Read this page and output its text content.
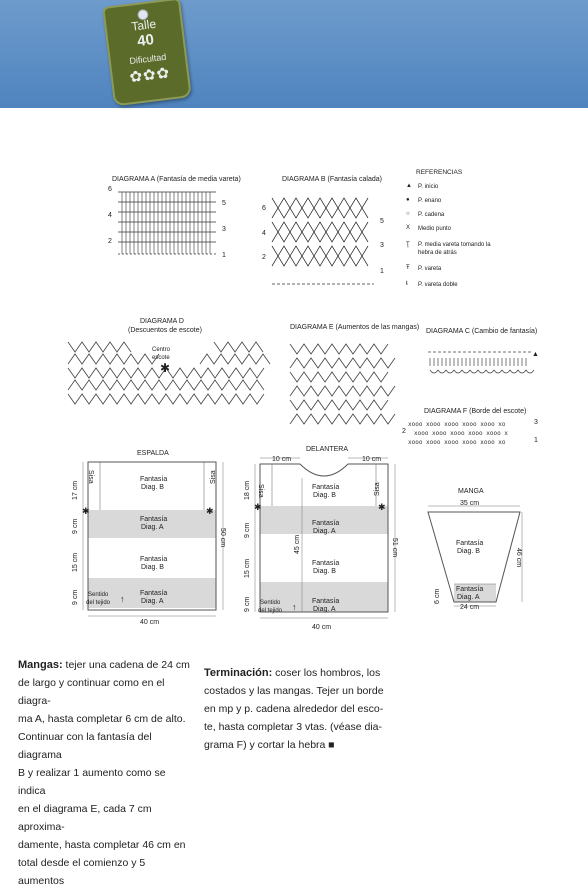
Talle
40
Dificultad
✿✿✿
DIAGRAMA A (Fantasía de media vareta)
6
4
2
5
3
1
DIAGRAMA B (Fantasía calada)
6
4
2
5
3
1
REFERENCIAS
▲ P. inicio
● P. enano
○ P. cadena
X Medio punto
Ţ P. media vareta tomando la hebra de atrás
Ŧ P. vareta
ŧ P. vareta doble
DIAGRAMA D
(Descuentos de escote)
✱
Centro
escote
DIAGRAMA E (Aumentos de las mangas)
DIAGRAMA C (Cambio de fantasía)
▲
DIAGRAMA F (Borde del escote)
xooo xooo xooo xooo xooo xo
xooo xooo xooo xooo xooo x
xooo xooo xooo xooo xooo xo
3
2
1
ESPALDA
✱	✱
Sisa	Sisa
Fantasía
Diag. B
Fantasía
Diag. A
Fantasía
Diag. B
Fantasía
Diag. A
Sentido
del tejido ↑
17 cm
9 cm
15 cm
9 cm
50 cm
40 cm
DELANTERA
✱	✱
10 cm	10 cm
Sisa	Sisa
Fantasía
Diag. B
Fantasía
Diag. A
Fantasía
Diag. B
Fantasía
Diag. A
Sentido
del tejido ↑
18 cm
9 cm
45 cm
15 cm
9 cm
51 cm
40 cm
MANGA
35 cm
Fantasía
Diag. B
Fantasía
Diag. A
46 cm
6 cm
24 cm
Mangas: tejer una cadena de 24 cm
de largo y continuar como en el diagra-
ma A, hasta completar 6 cm de alto.
Continuar con la fantasía del diagrama
B y realizar 1 aumento como se indica
en el diagrama E, cada 7 cm aproxima-
damente, hasta completar 46 cm en
total desde el comienzo y 5 aumentos
Terminación: coser los hombros, los
costados y las mangas. Tejer un borde
en mp y p. cadena alrededor del esco-
te, hasta completar 3 vtas. (véase dia-
grama F) y cortar la hebra ■
